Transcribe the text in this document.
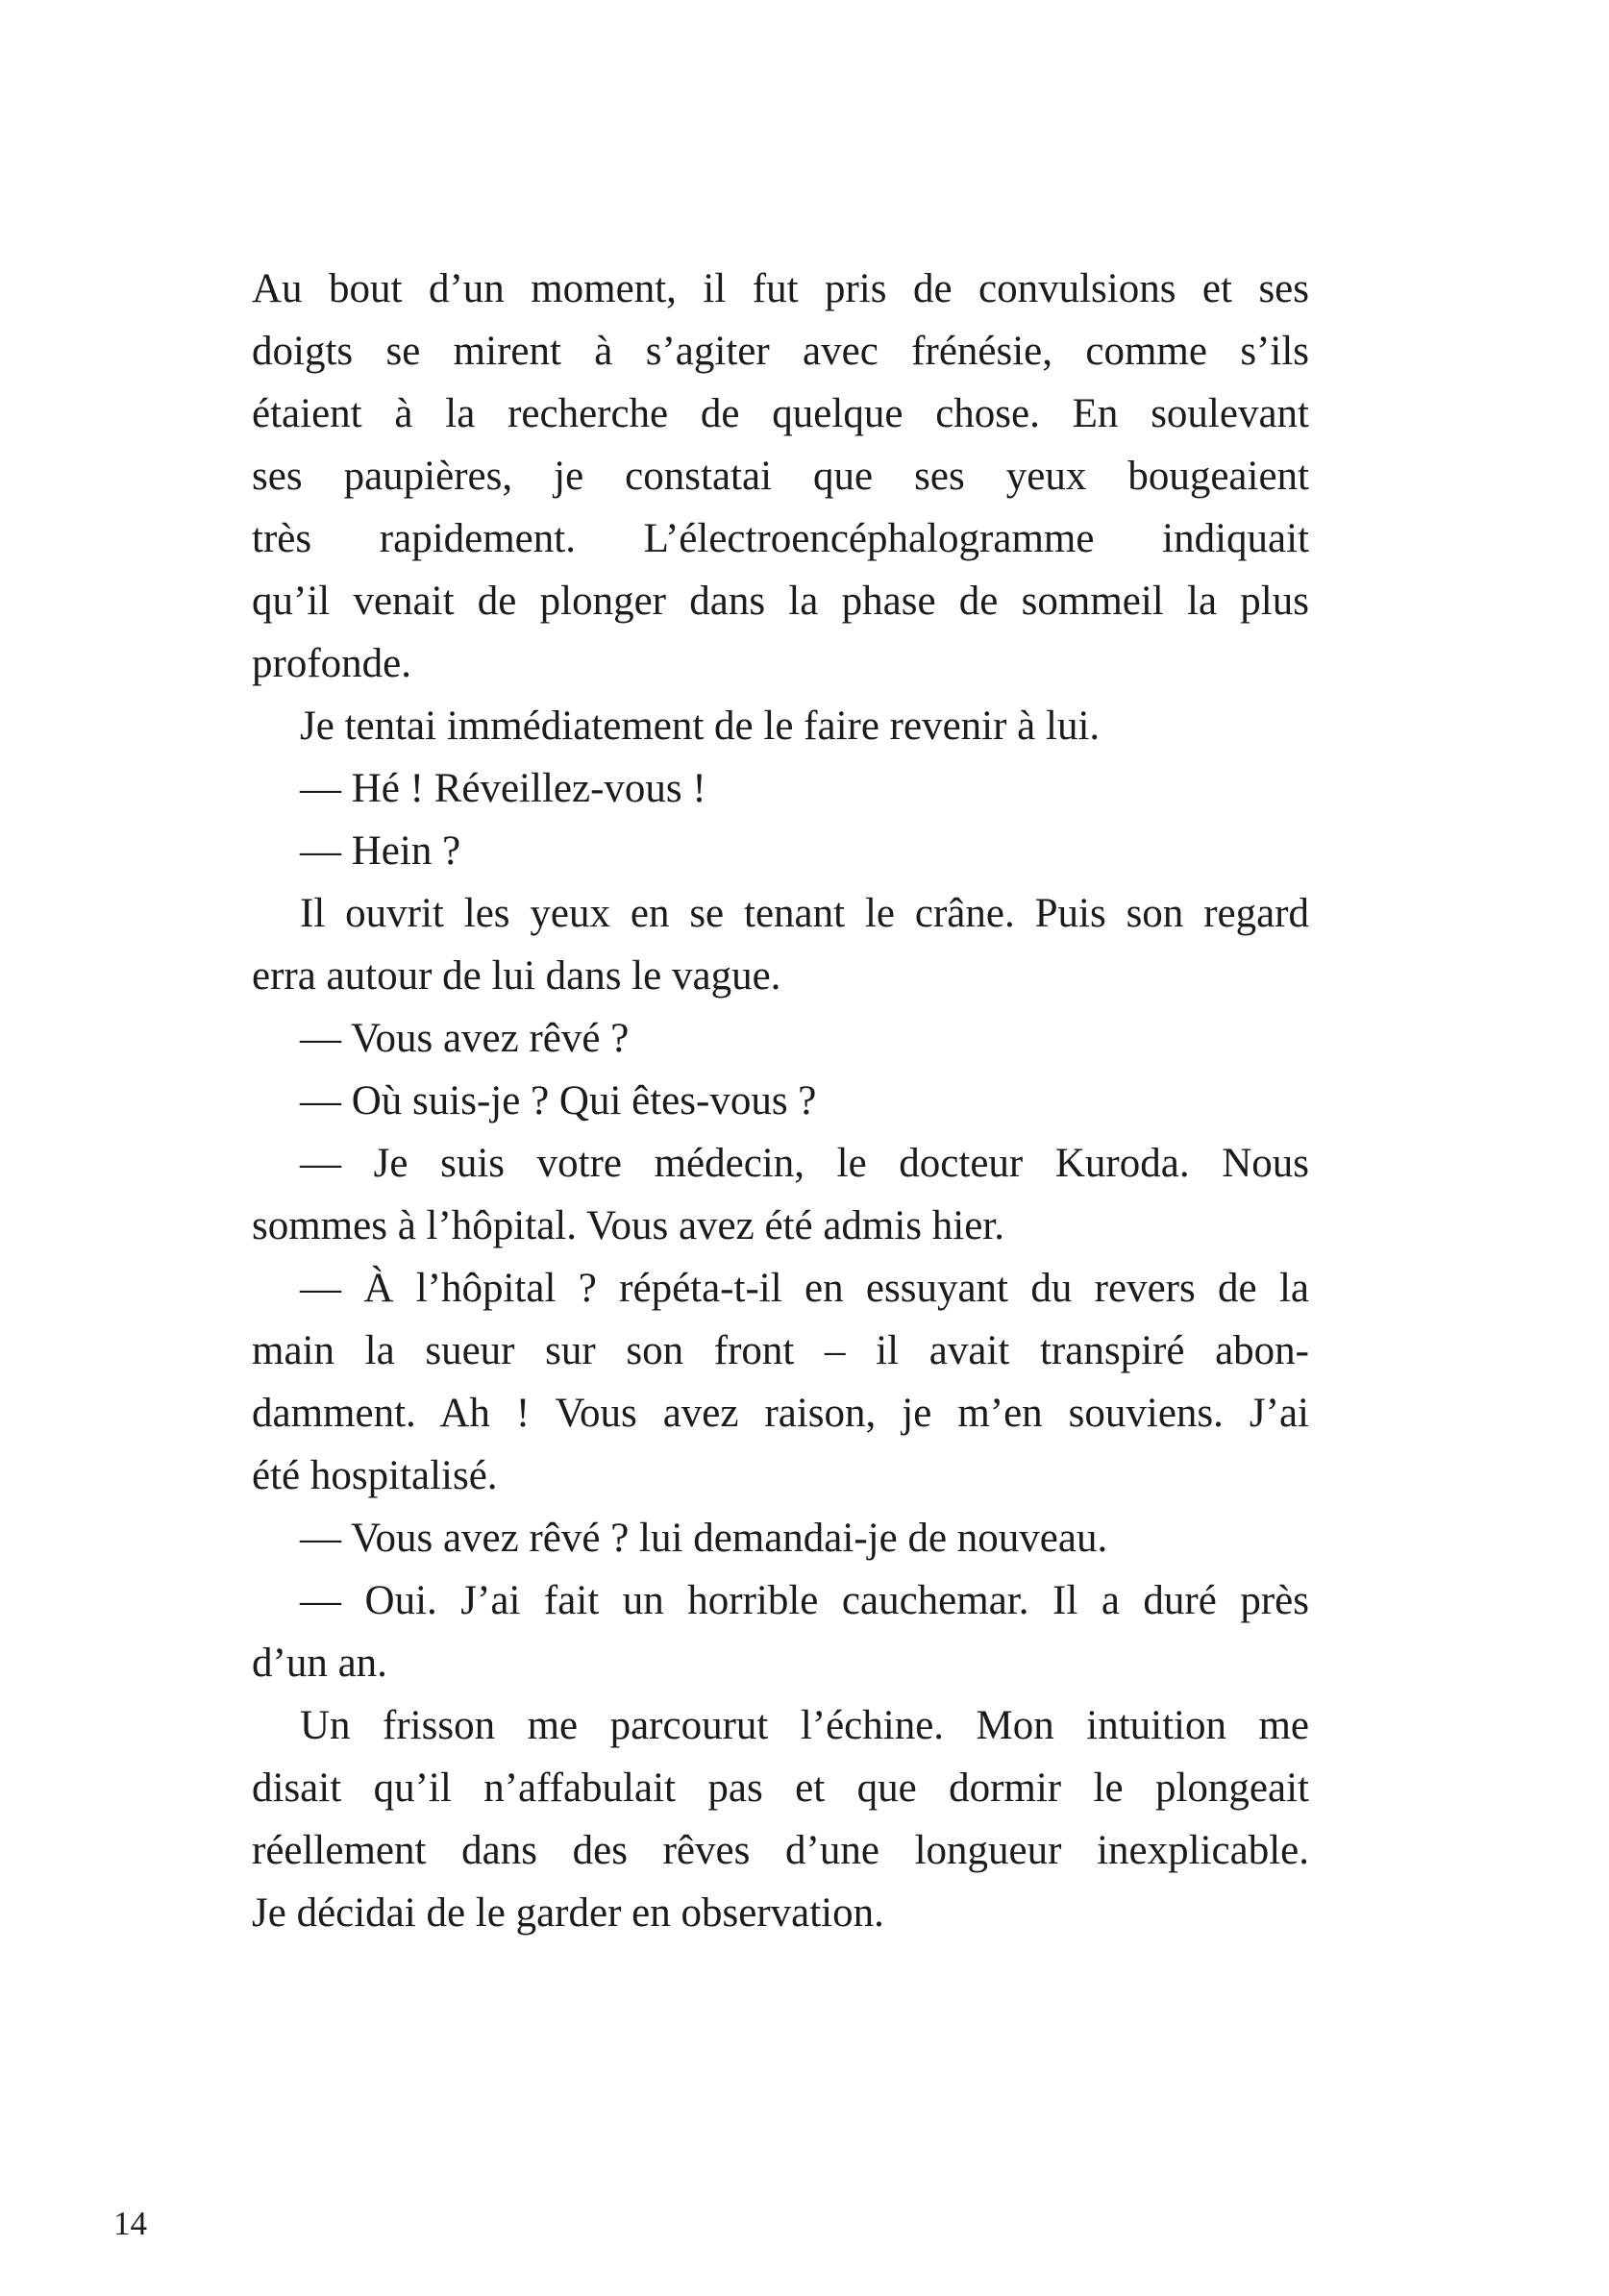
Au bout d’un moment, il fut pris de convulsions et ses

doigts se mirent à s’agiter avec frénésie, comme s’ils

étaient à la recherche de quelque chose. En soulevant

ses paupières, je constatai que ses yeux bougeaient

très rapidement. L’électroencéphalogramme indiquait

qu’il venait de plonger dans la phase de sommeil la plus

profonde.

Je tentai immédiatement de le faire revenir à lui.

— Hé ! Réveillez-vous !

— Hein ?

Il ouvrit les yeux en se tenant le crâne. Puis son regard

erra autour de lui dans le vague.

— Vous avez rêvé ?

— Où suis-je ? Qui êtes-vous ?

— Je suis votre médecin, le docteur Kuroda. Nous

sommes à l’hôpital. Vous avez été admis hier.

— À l’hôpital ? répéta-t-il en essuyant du revers de la

main la sueur sur son front – il avait transpiré abon-

damment. Ah ! Vous avez raison, je m’en souviens. J’ai

été hospitalisé.

— Vous avez rêvé ? lui demandai-je de nouveau.

— Oui. J’ai fait un horrible cauchemar. Il a duré près

d’un an.

Un frisson me parcourut l’échine. Mon intuition me

disait qu’il n’affabulait pas et que dormir le plongeait

réellement dans des rêves d’une longueur inexplicable.

Je décidai de le garder en observation.

14
